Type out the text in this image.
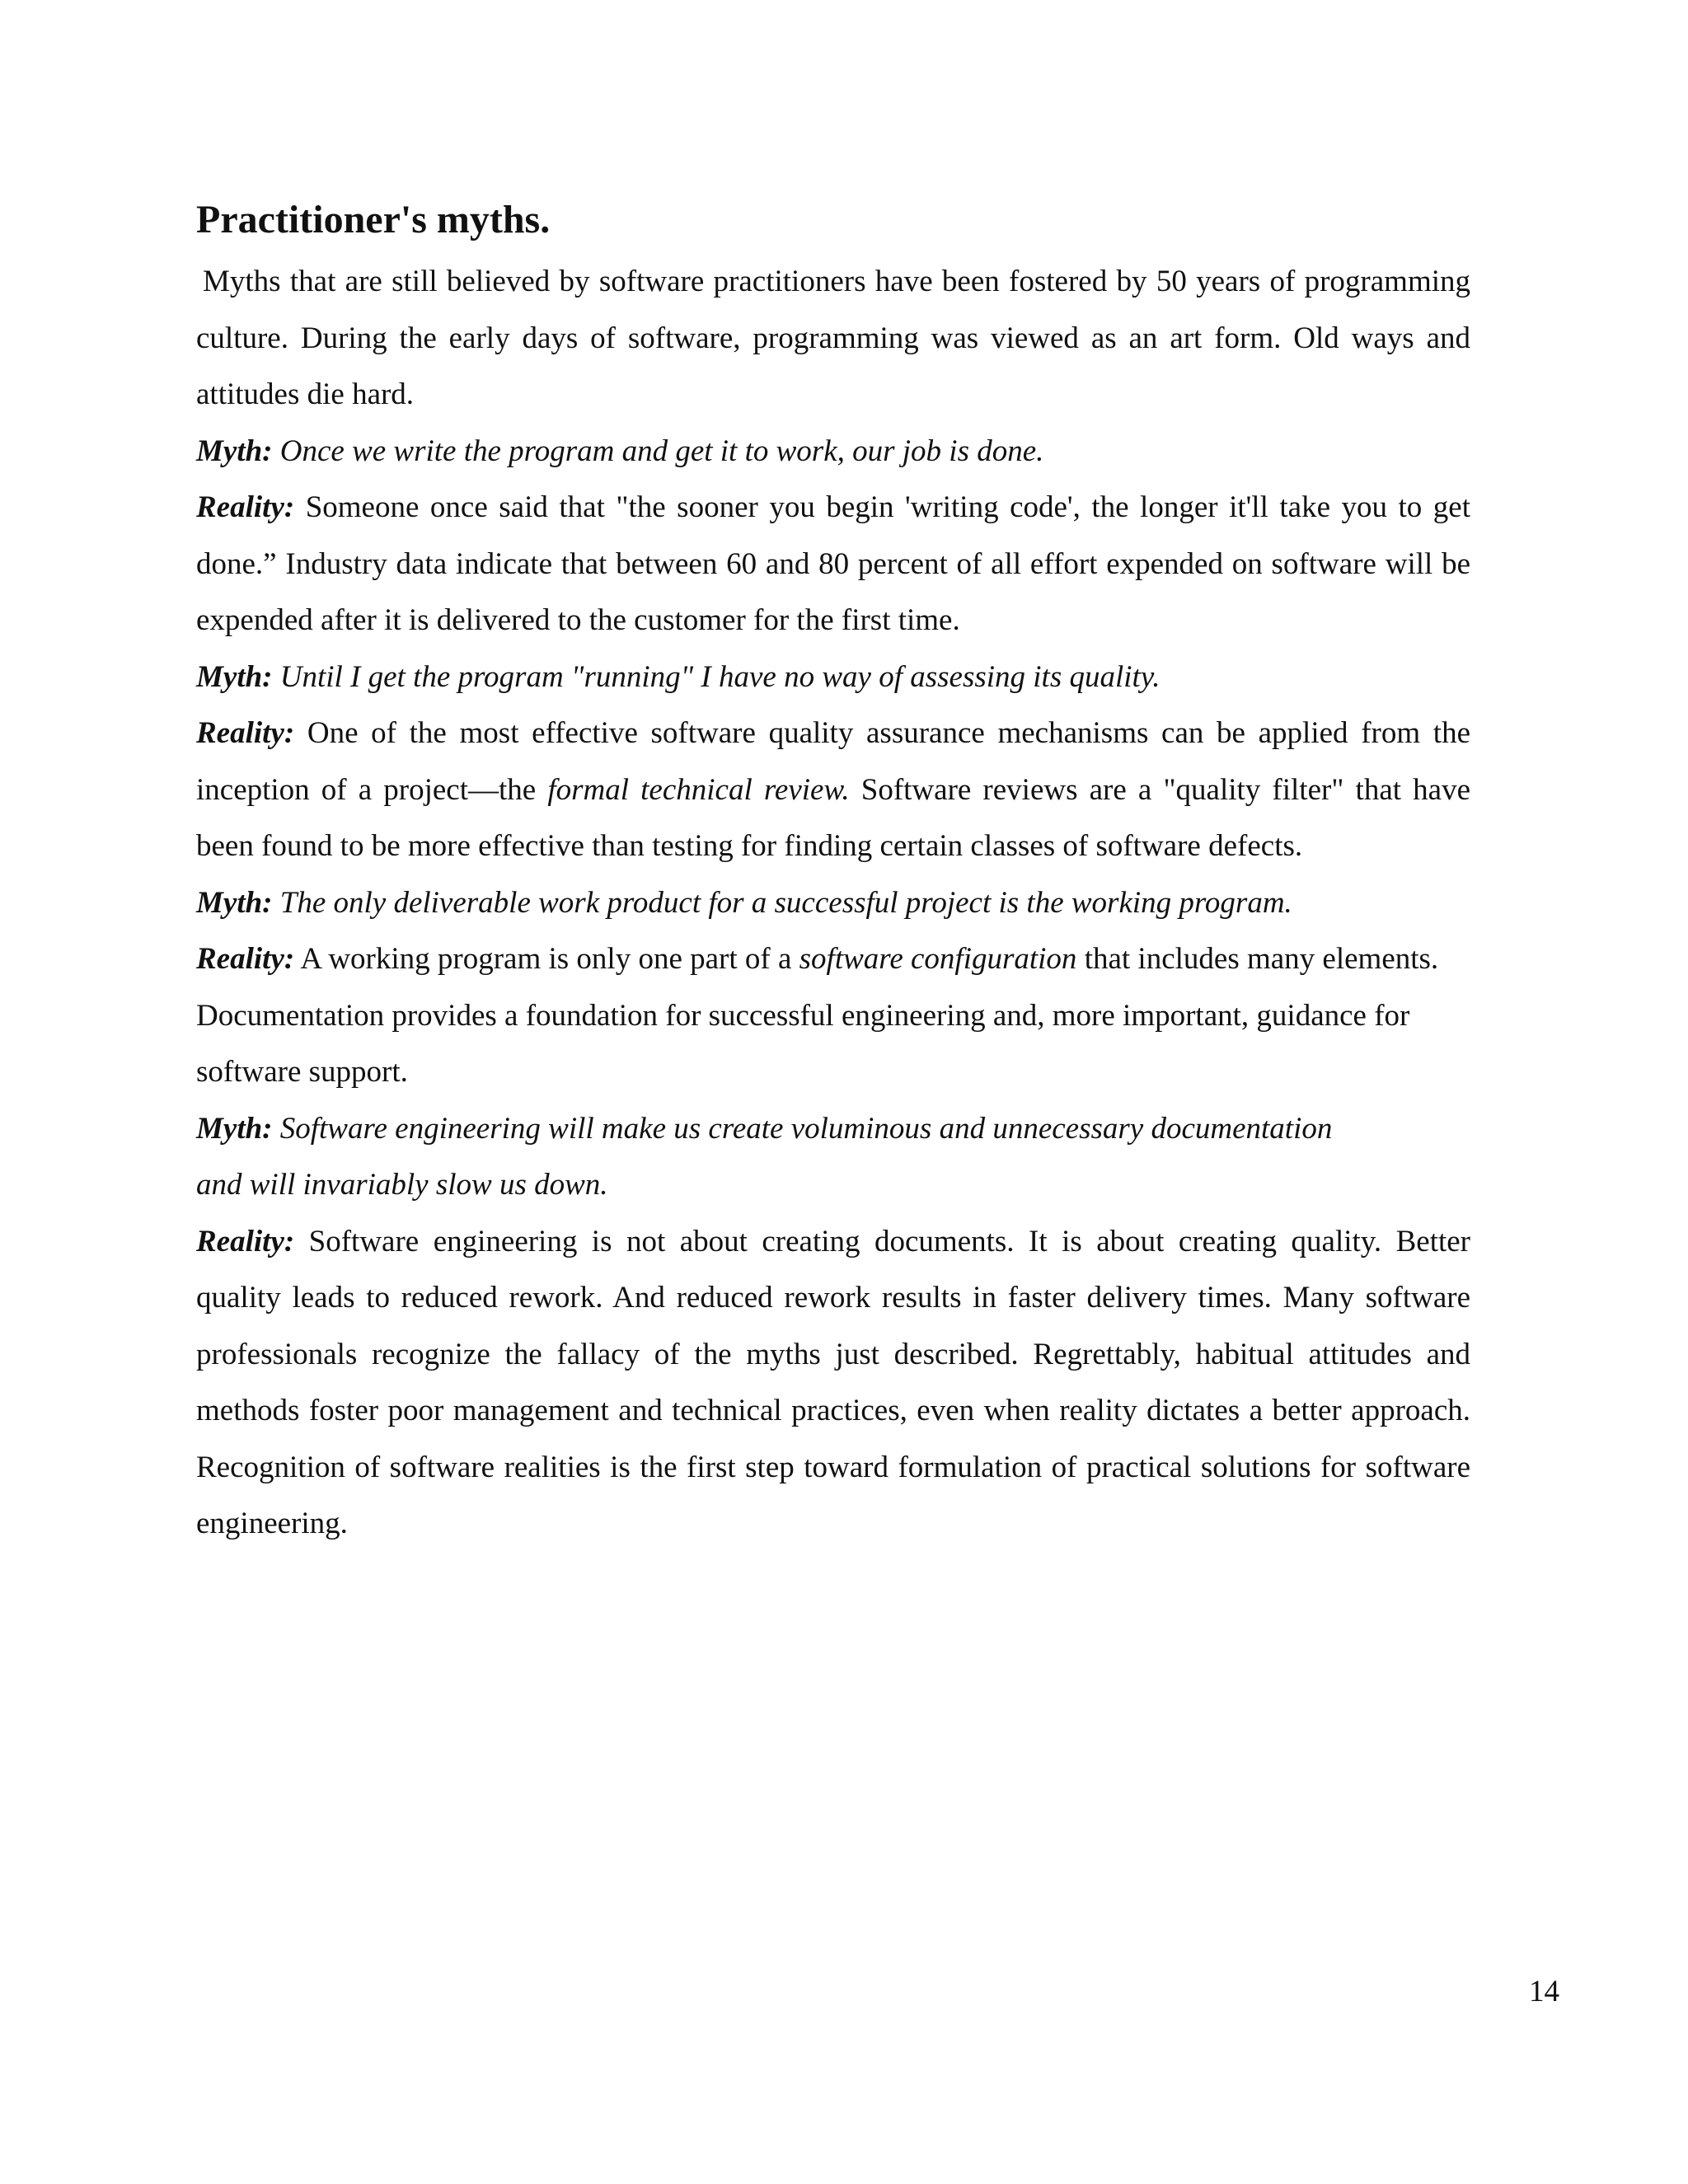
Practitioner's myths.

Myths that are still believed by software practitioners have been fostered by 50 years of programming culture. During the early days of software, programming was viewed as an art form. Old ways and attitudes die hard.

Myth: Once we write the program and get it to work, our job is done.

Reality: Someone once said that "the sooner you begin 'writing code', the longer it'll take you to get done.” Industry data indicate that between 60 and 80 percent of all effort expended on software will be expended after it is delivered to the customer for the first time.

Myth: Until I get the program "running" I have no way of assessing its quality.

Reality: One of the most effective software quality assurance mechanisms can be applied from the inception of a project—the formal technical review. Software reviews are a "quality filter" that have been found to be more effective than testing for finding certain classes of software defects.

Myth: The only deliverable work product for a successful project is the working program.

Reality: A working program is only one part of a software configuration that includes many elements. Documentation provides a foundation for successful engineering and, more important, guidance for software support.

Myth: Software engineering will make us create voluminous and unnecessary documentation
and will invariably slow us down.

Reality: Software engineering is not about creating documents. It is about creating quality. Better quality leads to reduced rework. And reduced rework results in faster delivery times. Many software professionals recognize the fallacy of the myths just described. Regrettably, habitual attitudes and methods foster poor management and technical practices, even when reality dictates a better approach. Recognition of software realities is the first step toward formulation of practical solutions for software engineering.

14
